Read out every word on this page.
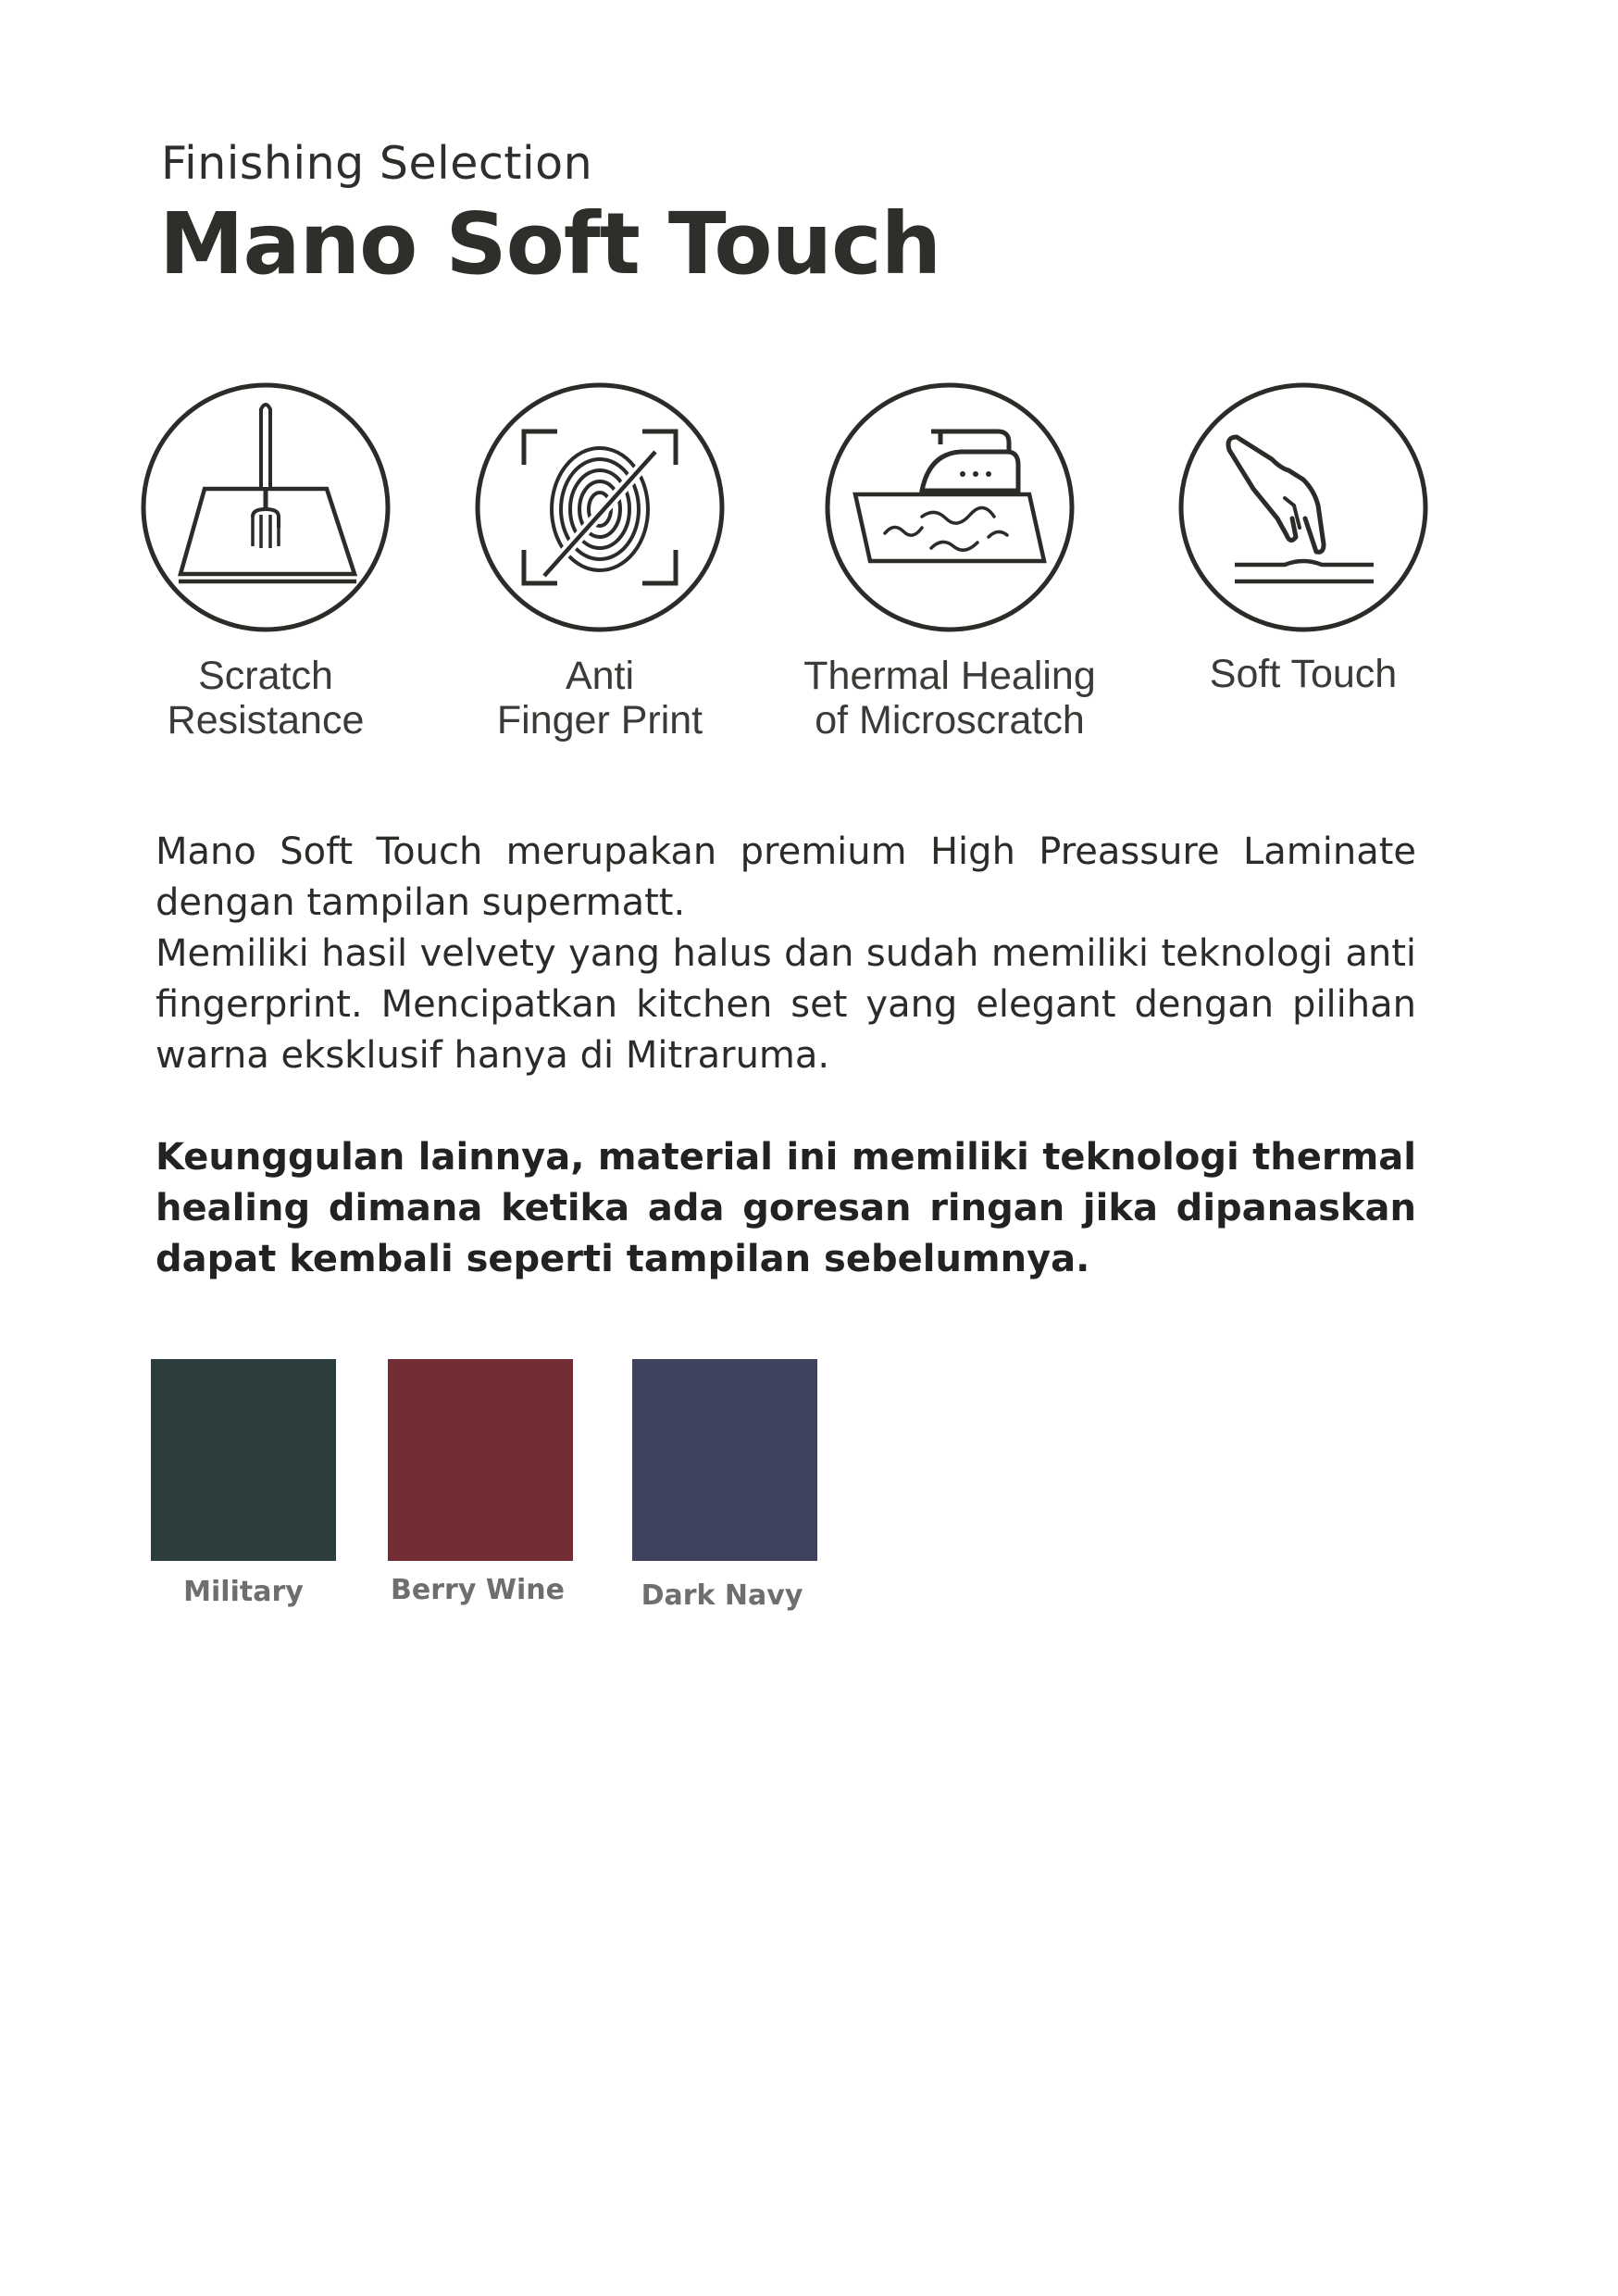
Finishing Selection
Mano Soft Touch
Scratch
Resistance
Anti
Finger Print
Thermal Healing
of Microscratch
Soft Touch

Mano Soft Touch merupakan premium High Preassure Laminate dengan tampilan supermatt.

Memiliki hasil velvety yang halus dan sudah memiliki teknologi anti fingerprint. Mencipatkan kitchen set yang elegant dengan pilihan warna eksklusif hanya di Mitraruma.

Keunggulan lainnya, material ini memiliki teknologi thermal healing dimana ketika ada goresan ringan jika dipanaskan dapat kembali seperti tampilan sebelumnya.

Military	Berry Wine	Dark Navy
